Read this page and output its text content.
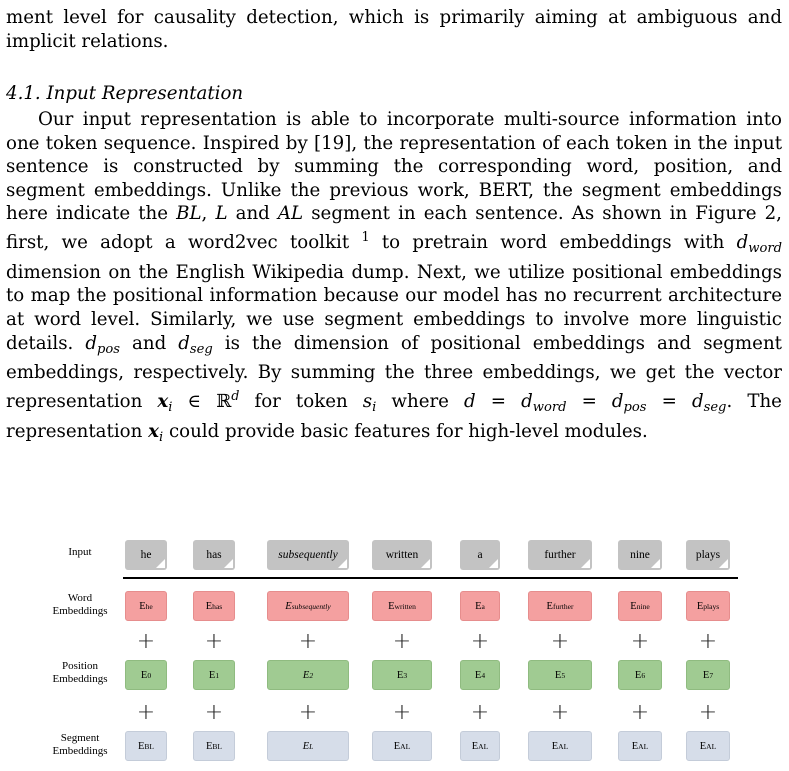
ment level for causality detection, which is primarily aiming at ambiguous and implicit relations.
4.1. Input Representation
Our input representation is able to incorporate multi-source information into one token sequence. Inspired by [19], the representation of each token in the input sentence is constructed by summing the corresponding word, position, and segment embeddings. Unlike the previous work, BERT, the segment embeddings here indicate the BL, L and AL segment in each sentence. As shown in Figure 2, first, we adopt a word2vec toolkit $^1$ to pretrain word embeddings with $d_{word}$ dimension on the English Wikipedia dump. Next, we utilize positional embeddings to map the positional information because our model has no recurrent architecture at word level. Similarly, we use segment embeddings to involve more linguistic details. $d_{pos}$ and $d_{seg}$ is the dimension of positional embeddings and segment embeddings, respectively. By summing the three embeddings, we get the vector representation $x_i$ ∈ ℝ$^d$ for token $s_i$ where $d = d_{word} = d_{pos} = d_{seg}$. The representation $x_i$ could provide basic features for high-level modules.
Input
Word
Embeddings
Position
Embeddings
Segment
Embeddings
he
E he
E 0
E BL
+
+
has
E has
E 1
E BL
+
+
subsequently
E subsequently
E 2
E L
+
+
written
E written
E 3
E AL
+
+
a
E a
E 4
E AL
+
+
further
E further
E 5
E AL
+
+
nine
E nine
E 6
E AL
+
+
plays
E plays
E 7
E AL
+
+
